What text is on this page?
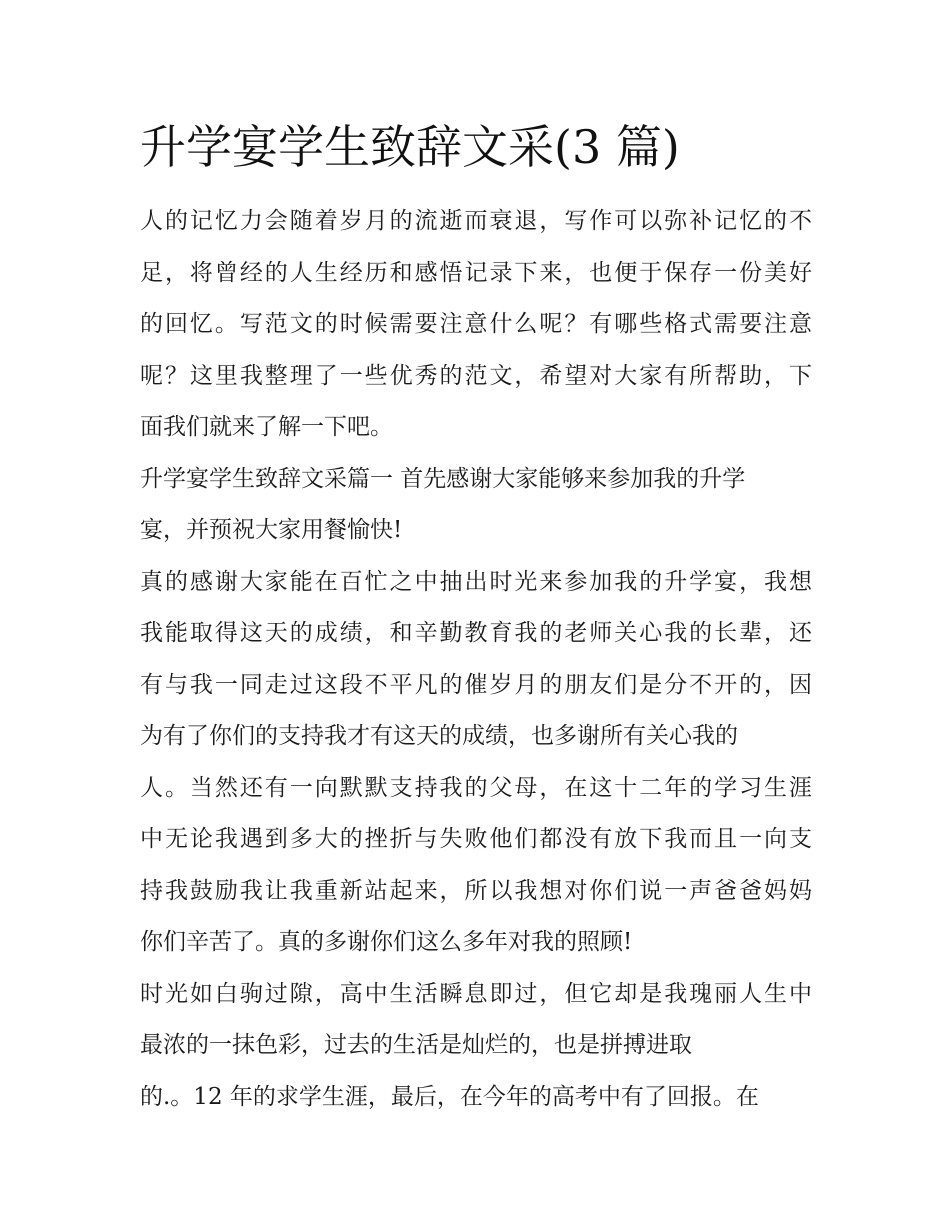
升学宴学生致辞文采(3 篇)
人的记忆力会随着岁月的流逝而衰退，写作可以弥补记忆的不
足，将曾经的人生经历和感悟记录下来，也便于保存一份美好
的回忆。写范文的时候需要注意什么呢？有哪些格式需要注意
呢？这里我整理了一些优秀的范文，希望对大家有所帮助，下
面我们就来了解一下吧。
升学宴学生致辞文采篇一 首先感谢大家能够来参加我的升学
宴，并预祝大家用餐愉快!
真的感谢大家能在百忙之中抽出时光来参加我的升学宴，我想
我能取得这天的成绩，和辛勤教育我的老师关心我的长辈，还
有与我一同走过这段不平凡的催岁月的朋友们是分不开的，因
为有了你们的支持我才有这天的成绩，也多谢所有关心我的
人。当然还有一向默默支持我的父母，在这十二年的学习生涯
中无论我遇到多大的挫折与失败他们都没有放下我而且一向支
持我鼓励我让我重新站起来，所以我想对你们说一声爸爸妈妈
你们辛苦了。真的多谢你们这么多年对我的照顾!
时光如白驹过隙，高中生活瞬息即过，但它却是我瑰丽人生中
最浓的一抹色彩，过去的生活是灿烂的，也是拼搏进取
的.。12 年的求学生涯，最后，在今年的高考中有了回报。在
